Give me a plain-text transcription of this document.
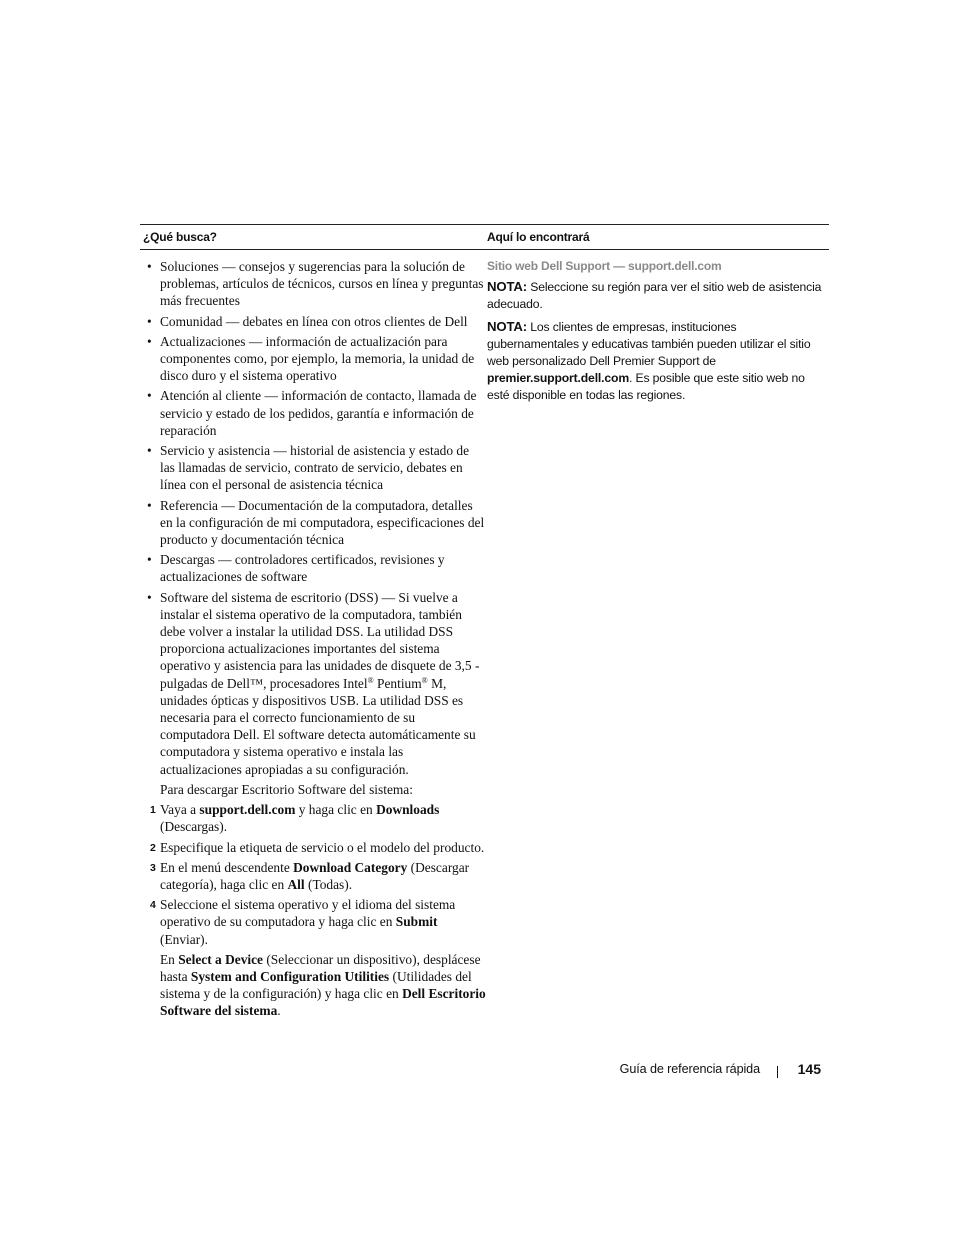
¿Qué busca?	Aquí lo encontrará
• Soluciones — consejos y sugerencias para la solución de problemas, artículos de técnicos, cursos en línea y preguntas más frecuentes
• Comunidad — debates en línea con otros clientes de Dell
• Actualizaciones — información de actualización para componentes como, por ejemplo, la memoria, la unidad de disco duro y el sistema operativo
• Atención al cliente — información de contacto, llamada de servicio y estado de los pedidos, garantía e información de reparación
• Servicio y asistencia — historial de asistencia y estado de las llamadas de servicio, contrato de servicio, debates en línea con el personal de asistencia técnica
• Referencia — Documentación de la computadora, detalles en la configuración de mi computadora, especificaciones del producto y documentación técnica
• Descargas — controladores certificados, revisiones y actualizaciones de software
• Software del sistema de escritorio (DSS) — Si vuelve a instalar el sistema operativo de la computadora, también debe volver a instalar la utilidad DSS. La utilidad DSS proporciona actualizaciones importantes del sistema operativo y asistencia para las unidades de disquete de 3,5 -pulgadas de Dell™, procesadores Intel® Pentium® M, unidades ópticas y dispositivos USB. La utilidad DSS es necesaria para el correcto funcionamiento de su computadora Dell. El software detecta automáticamente su computadora y sistema operativo e instala las actualizaciones apropiadas a su configuración.

Para descargar Escritorio Software del sistema:

1 Vaya a support.dell.com y haga clic en Downloads (Descargas).
2 Especifique la etiqueta de servicio o el modelo del producto.
3 En el menú descendente Download Category (Descargar categoría), haga clic en All (Todas).
4 Seleccione el sistema operativo y el idioma del sistema operativo de su computadora y haga clic en Submit (Enviar).

En Select a Device (Seleccionar un dispositivo), desplácese hasta System and Configuration Utilities (Utilidades del sistema y de la configuración) y haga clic en Dell Escritorio Software del sistema.

Sitio web Dell Support — support.dell.com

NOTA: Seleccione su región para ver el sitio web de asistencia adecuado.

NOTA: Los clientes de empresas, instituciones gubernamentales y educativas también pueden utilizar el sitio web personalizado Dell Premier Support de premier.support.dell.com. Es posible que este sitio web no esté disponible en todas las regiones.

Guía de referencia rápida	145
